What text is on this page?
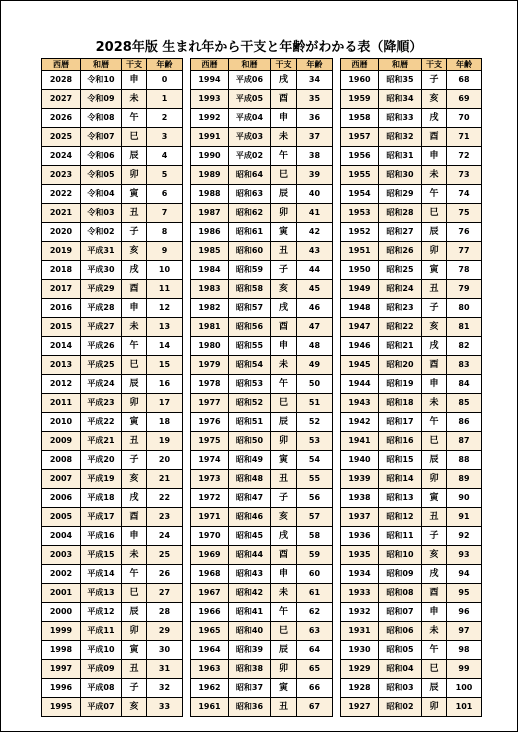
2028年版 生まれ年から干支と年齢がわかる表（降順）
西暦	和暦	干支	年齢
2028	令和10	申	0
2027	令和09	未	1
2026	令和08	午	2
2025	令和07	巳	3
2024	令和06	辰	4
2023	令和05	卯	5
2022	令和04	寅	6
2021	令和03	丑	7
2020	令和02	子	8
2019	平成31	亥	9
2018	平成30	戌	10
2017	平成29	酉	11
2016	平成28	申	12
2015	平成27	未	13
2014	平成26	午	14
2013	平成25	巳	15
2012	平成24	辰	16
2011	平成23	卯	17
2010	平成22	寅	18
2009	平成21	丑	19
2008	平成20	子	20
2007	平成19	亥	21
2006	平成18	戌	22
2005	平成17	酉	23
2004	平成16	申	24
2003	平成15	未	25
2002	平成14	午	26
2001	平成13	巳	27
2000	平成12	辰	28
1999	平成11	卯	29
1998	平成10	寅	30
1997	平成09	丑	31
1996	平成08	子	32
1995	平成07	亥	33
西暦	和暦	干支	年齢
1994	平成06	戌	34
1993	平成05	酉	35
1992	平成04	申	36
1991	平成03	未	37
1990	平成02	午	38
1989	昭和64	巳	39
1988	昭和63	辰	40
1987	昭和62	卯	41
1986	昭和61	寅	42
1985	昭和60	丑	43
1984	昭和59	子	44
1983	昭和58	亥	45
1982	昭和57	戌	46
1981	昭和56	酉	47
1980	昭和55	申	48
1979	昭和54	未	49
1978	昭和53	午	50
1977	昭和52	巳	51
1976	昭和51	辰	52
1975	昭和50	卯	53
1974	昭和49	寅	54
1973	昭和48	丑	55
1972	昭和47	子	56
1971	昭和46	亥	57
1970	昭和45	戌	58
1969	昭和44	酉	59
1968	昭和43	申	60
1967	昭和42	未	61
1966	昭和41	午	62
1965	昭和40	巳	63
1964	昭和39	辰	64
1963	昭和38	卯	65
1962	昭和37	寅	66
1961	昭和36	丑	67
西暦	和暦	干支	年齢
1960	昭和35	子	68
1959	昭和34	亥	69
1958	昭和33	戌	70
1957	昭和32	酉	71
1956	昭和31	申	72
1955	昭和30	未	73
1954	昭和29	午	74
1953	昭和28	巳	75
1952	昭和27	辰	76
1951	昭和26	卯	77
1950	昭和25	寅	78
1949	昭和24	丑	79
1948	昭和23	子	80
1947	昭和22	亥	81
1946	昭和21	戌	82
1945	昭和20	酉	83
1944	昭和19	申	84
1943	昭和18	未	85
1942	昭和17	午	86
1941	昭和16	巳	87
1940	昭和15	辰	88
1939	昭和14	卯	89
1938	昭和13	寅	90
1937	昭和12	丑	91
1936	昭和11	子	92
1935	昭和10	亥	93
1934	昭和09	戌	94
1933	昭和08	酉	95
1932	昭和07	申	96
1931	昭和06	未	97
1930	昭和05	午	98
1929	昭和04	巳	99
1928	昭和03	辰	100
1927	昭和02	卯	101
